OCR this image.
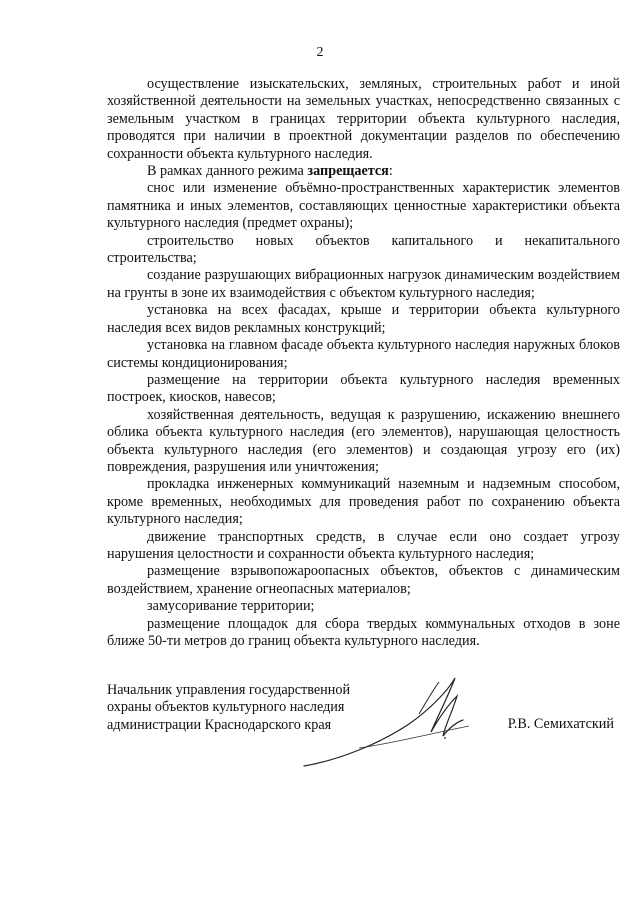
2

осуществление изыскательских, земляных, строительных работ и иной хозяйственной деятельности на земельных участках, непосредственно связанных с земельным участком в границах территории объекта культурного наследия, проводятся при наличии в проектной документации разделов по обеспечению сохранности объекта культурного наследия.

В рамках данного режима запрещается:

снос или изменение объёмно-пространственных характеристик элементов памятника и иных элементов, составляющих ценностные характеристики объекта культурного наследия (предмет охраны);

строительство новых объектов капитального и некапитального строительства;

создание разрушающих вибрационных нагрузок динамическим воздействием на грунты в зоне их взаимодействия с объектом культурного наследия;

установка на всех фасадах, крыше и территории объекта культурного наследия всех видов рекламных конструкций;

установка на главном фасаде объекта культурного наследия наружных блоков системы кондиционирования;

размещение на территории объекта культурного наследия временных построек, киосков, навесов;

хозяйственная деятельность, ведущая к разрушению, искажению внешнего облика объекта культурного наследия (его элементов), нарушающая целостность объекта культурного наследия (его элементов) и создающая угрозу его (их) повреждения, разрушения или уничтожения;

прокладка инженерных коммуникаций наземным и надземным способом, кроме временных, необходимых для проведения работ по сохранению объекта культурного наследия;

движение транспортных средств, в случае если оно создает угрозу нарушения целостности и сохранности объекта культурного наследия;

размещение взрывопожароопасных объектов, объектов с динамическим воздействием, хранение огнеопасных материалов;

замусоривание территории;

размещение площадок для сбора твердых коммунальных отходов в зоне ближе 50-ти метров до границ объекта культурного наследия.

Начальник управления государственной
охраны объектов культурного наследия
администрации Краснодарского края	Р.В. Семихатский
